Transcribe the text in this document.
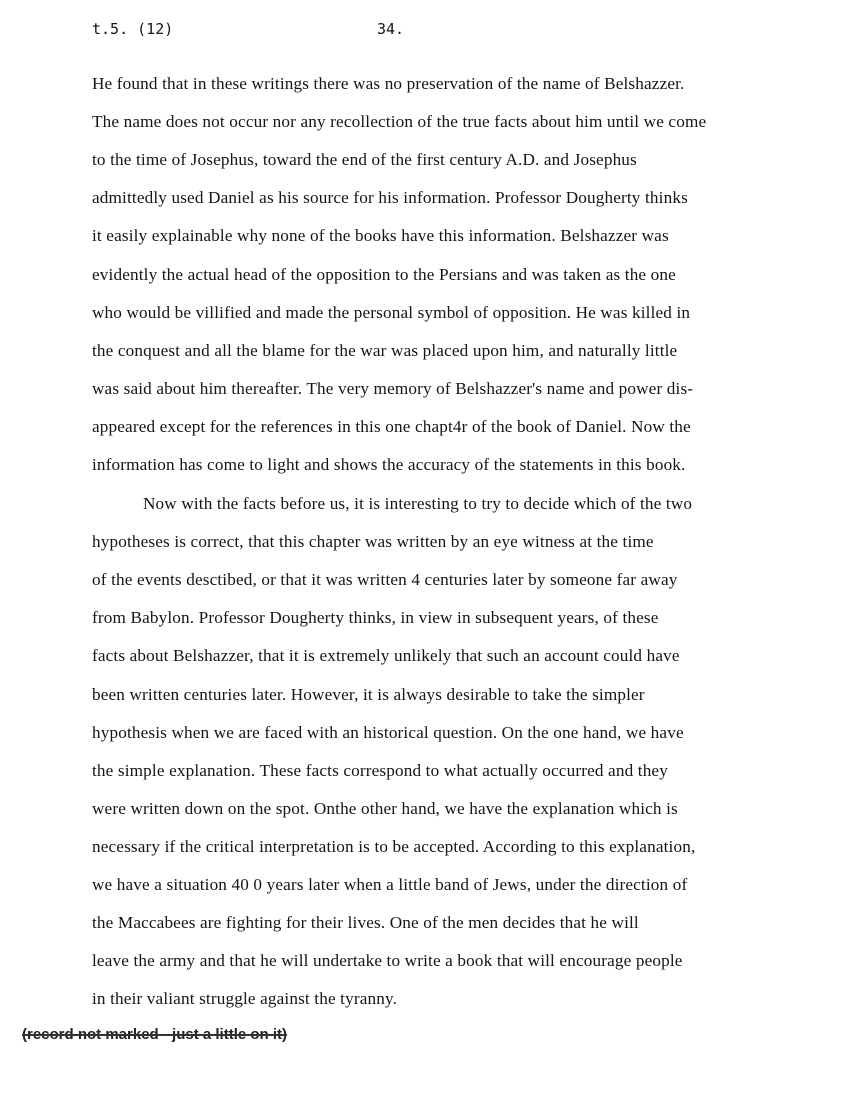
t.5. (12)	34.
He found that in these writings there was no preservation of the name of Belshazzer.
The name does not occur nor any recollection of the true facts about him until we come
to the time of Josephus, toward the end of the first century A.D. and Josephus
admittedly used Daniel as his source for his information. Professor Dougherty thinks
it easily explainable why none of the books have this information. Belshazzer was
evidently the actual head of the opposition to the Persians and was taken as the one
who would be villified and made the personal symbol of opposition. He was killed in
the conquest and all the blame for the war was placed upon him, and naturally little
was said about him thereafter. The very memory of Belshazzer's name and power dis-
appeared except for the references in this one chapt4r of the book of Daniel. Now the
information has come to light and shows the accuracy of the statements in this book.
Now with the facts before us, it is interesting to try to decide which of the two
hypotheses is correct, that this chapter was written by an eye witness at the time
of the events desctibed, or that it was written 4 centuries later by someone far away
from Babylon. Professor Dougherty thinks, in view in subsequent years, of these
facts about Belshazzer, that it is extremely unlikely that such an account could have
been written centuries later. However, it is always desirable to take the simpler
hypothesis when we are faced with an historical question. On the one hand, we have
the simple explanation. These facts correspond to what actually occurred and they
were written down on the spot. Onthe other hand, we have the explanation which is
necessary if the critical interpretation is to be accepted. According to this explanation,
we have a situation 40 0 years later when a little band of Jews, under the direction of
the Maccabees are fighting for their lives. One of the men decides that he will
leave the army and that he will undertake to write a book that will encourage people
in their valiant struggle against the tyranny.
(record not marked - just a little on it)
